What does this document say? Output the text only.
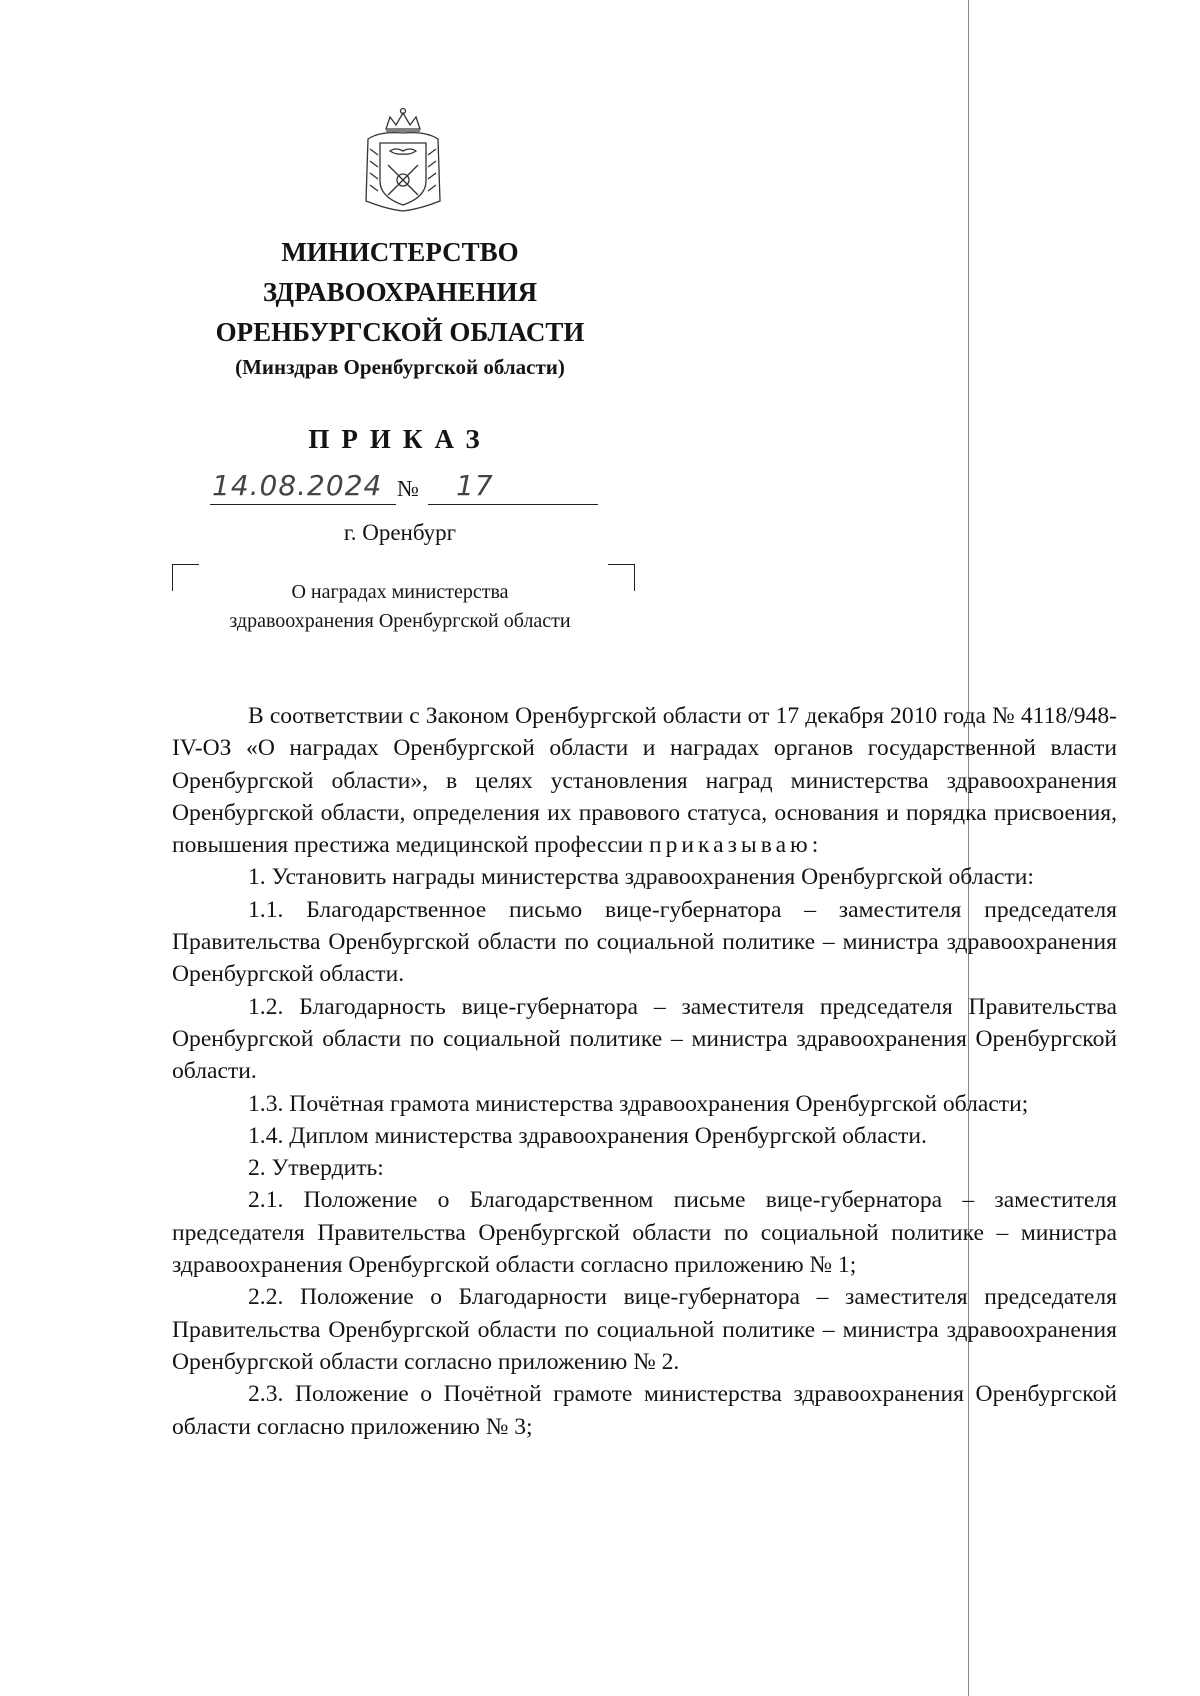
МИНИСТЕРСТВО

ЗДРАВООХРАНЕНИЯ

ОРЕНБУРГСКОЙ ОБЛАСТИ

(Минздрав Оренбургской области)

ПРИКАЗ
14.08.2024 № 17
г. Оренбург
О наградах министерства
здравоохранения Оренбургской области

В соответствии с Законом Оренбургской области от 17 декабря 2010 года № 4118/948-IV-ОЗ «О наградах Оренбургской области и наградах органов государственной власти Оренбургской области», в целях установления наград министерства здравоохранения Оренбургской области, определения их правового статуса, основания и порядка присвоения, повышения престижа медицинской профессии приказываю:

1. Установить награды министерства здравоохранения Оренбургской области:

1.1. Благодарственное письмо вице-губернатора – заместителя председателя Правительства Оренбургской области по социальной политике – министра здравоохранения Оренбургской области.

1.2. Благодарность вице-губернатора – заместителя председателя Правительства Оренбургской области по социальной политике – министра здравоохранения Оренбургской области.

1.3. Почётная грамота министерства здравоохранения Оренбургской области;

1.4. Диплом министерства здравоохранения Оренбургской области.

2. Утвердить:

2.1. Положение о Благодарственном письме вице-губернатора – заместителя председателя Правительства Оренбургской области по социальной политике – министра здравоохранения Оренбургской области согласно приложению № 1;

2.2. Положение о Благодарности вице-губернатора – заместителя председателя Правительства Оренбургской области по социальной политике – министра здравоохранения Оренбургской области согласно приложению № 2.

2.3. Положение о Почётной грамоте министерства здравоохранения Оренбургской области согласно приложению № 3;
